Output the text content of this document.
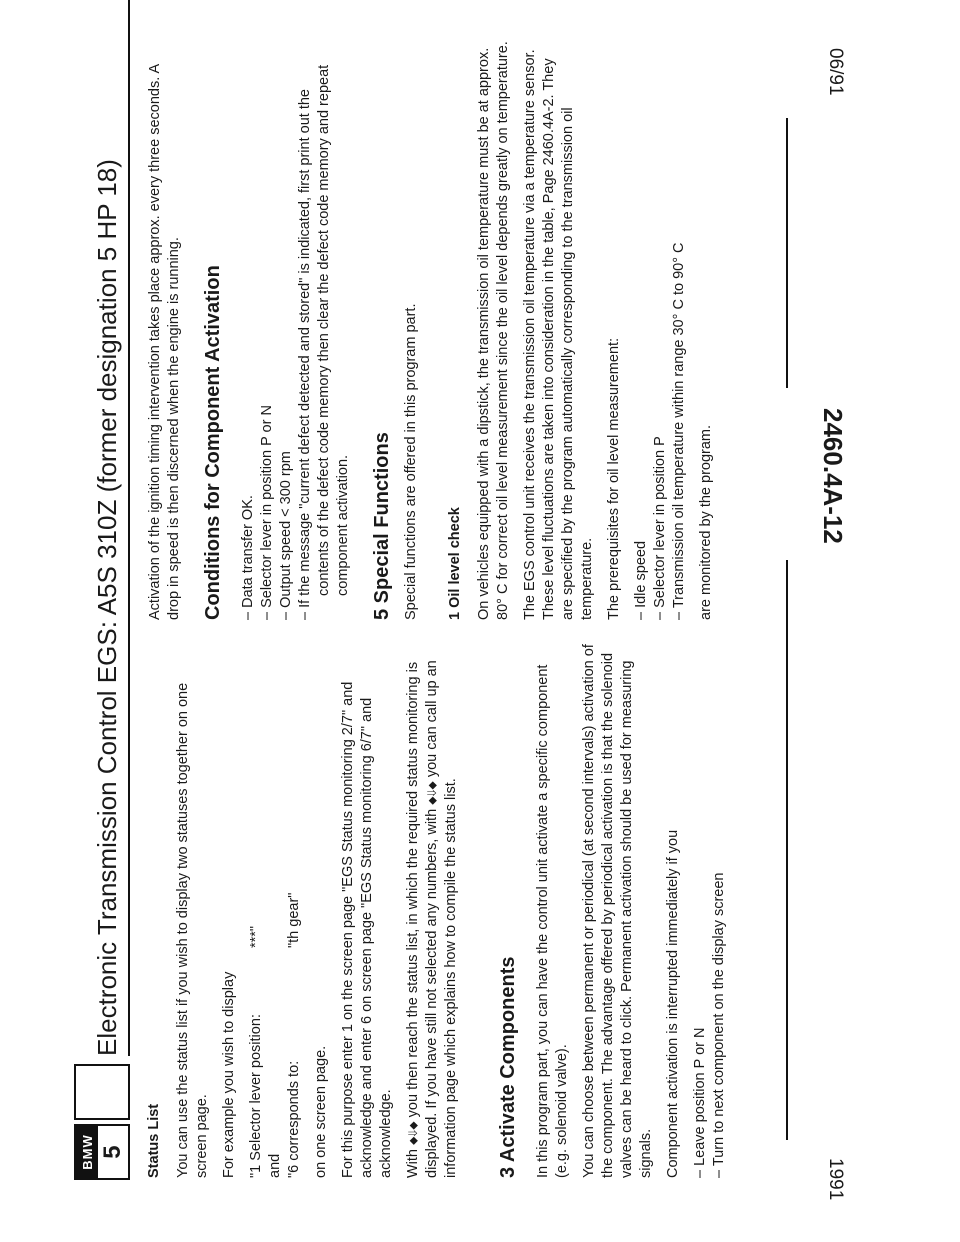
06/91
2460.4A-12
1991
BMW 5
Electronic Transmission Control EGS: A5S 310Z (former designation 5 HP 18)
Status List You can use the status list if you wish to display two statuses together on one screen page. For example you wish to display "1 Selector lever position:
***"
and "6 corresponds to:
"th gear"

on one screen page. For this purpose enter 1 on the screen page "EGS Status monitoring 2/7" and acknowledge and enter 6 on screen page "EGS Status monitoring 6/7" and acknowledge. With ⬥⇓⬥ you then reach the status list, in which the required status monitoring is displayed. If you have still not selected any numbers, with ⬥⇓⬥ you can call up an information page which explains how to compile the status list. 3 Activate Components In this program part, you can have the control unit activate a specific component (e.g. solenoid valve). You can choose between permanent or periodical (at second intervals) activation of the component. The advantage offered by periodical activation is that the solenoid valves can be heard to click. Permanent activation should be used for measuring signals. Component activation is interrupted immediately if you – Leave position P or N – Turn to next component on the display screen

Activation of the ignition timing intervention takes place approx. every three seconds. A drop in speed is then discerned when the engine is running. Conditions for Component Activation – Data transfer OK. – Selector lever in position P or N – Output speed < 300 rpm – If the message "current defect detected and stored" is indicated, first print out the contents of the defect code memory then clear the defect code memory and repeat component activation. 5 Special Functions Special functions are offered in this program part. 1 Oil level check On vehicles equipped with a dipstick, the transmission oil temperature must be at approx. 80° C for correct oil level measurement since the oil level depends greatly on temperature. The EGS control unit receives the transmission oil temperature via a temperature sensor. These level fluctuations are taken into consideration in the table, Page 2460.4A-2. They are specified by the program automatically corresponding to the transmission oil temperature. The prerequisites for oil level measurement: – Idle speed – Selector lever in position P – Transmission oil temperature within range 30° C to 90° C are monitored by the program.
